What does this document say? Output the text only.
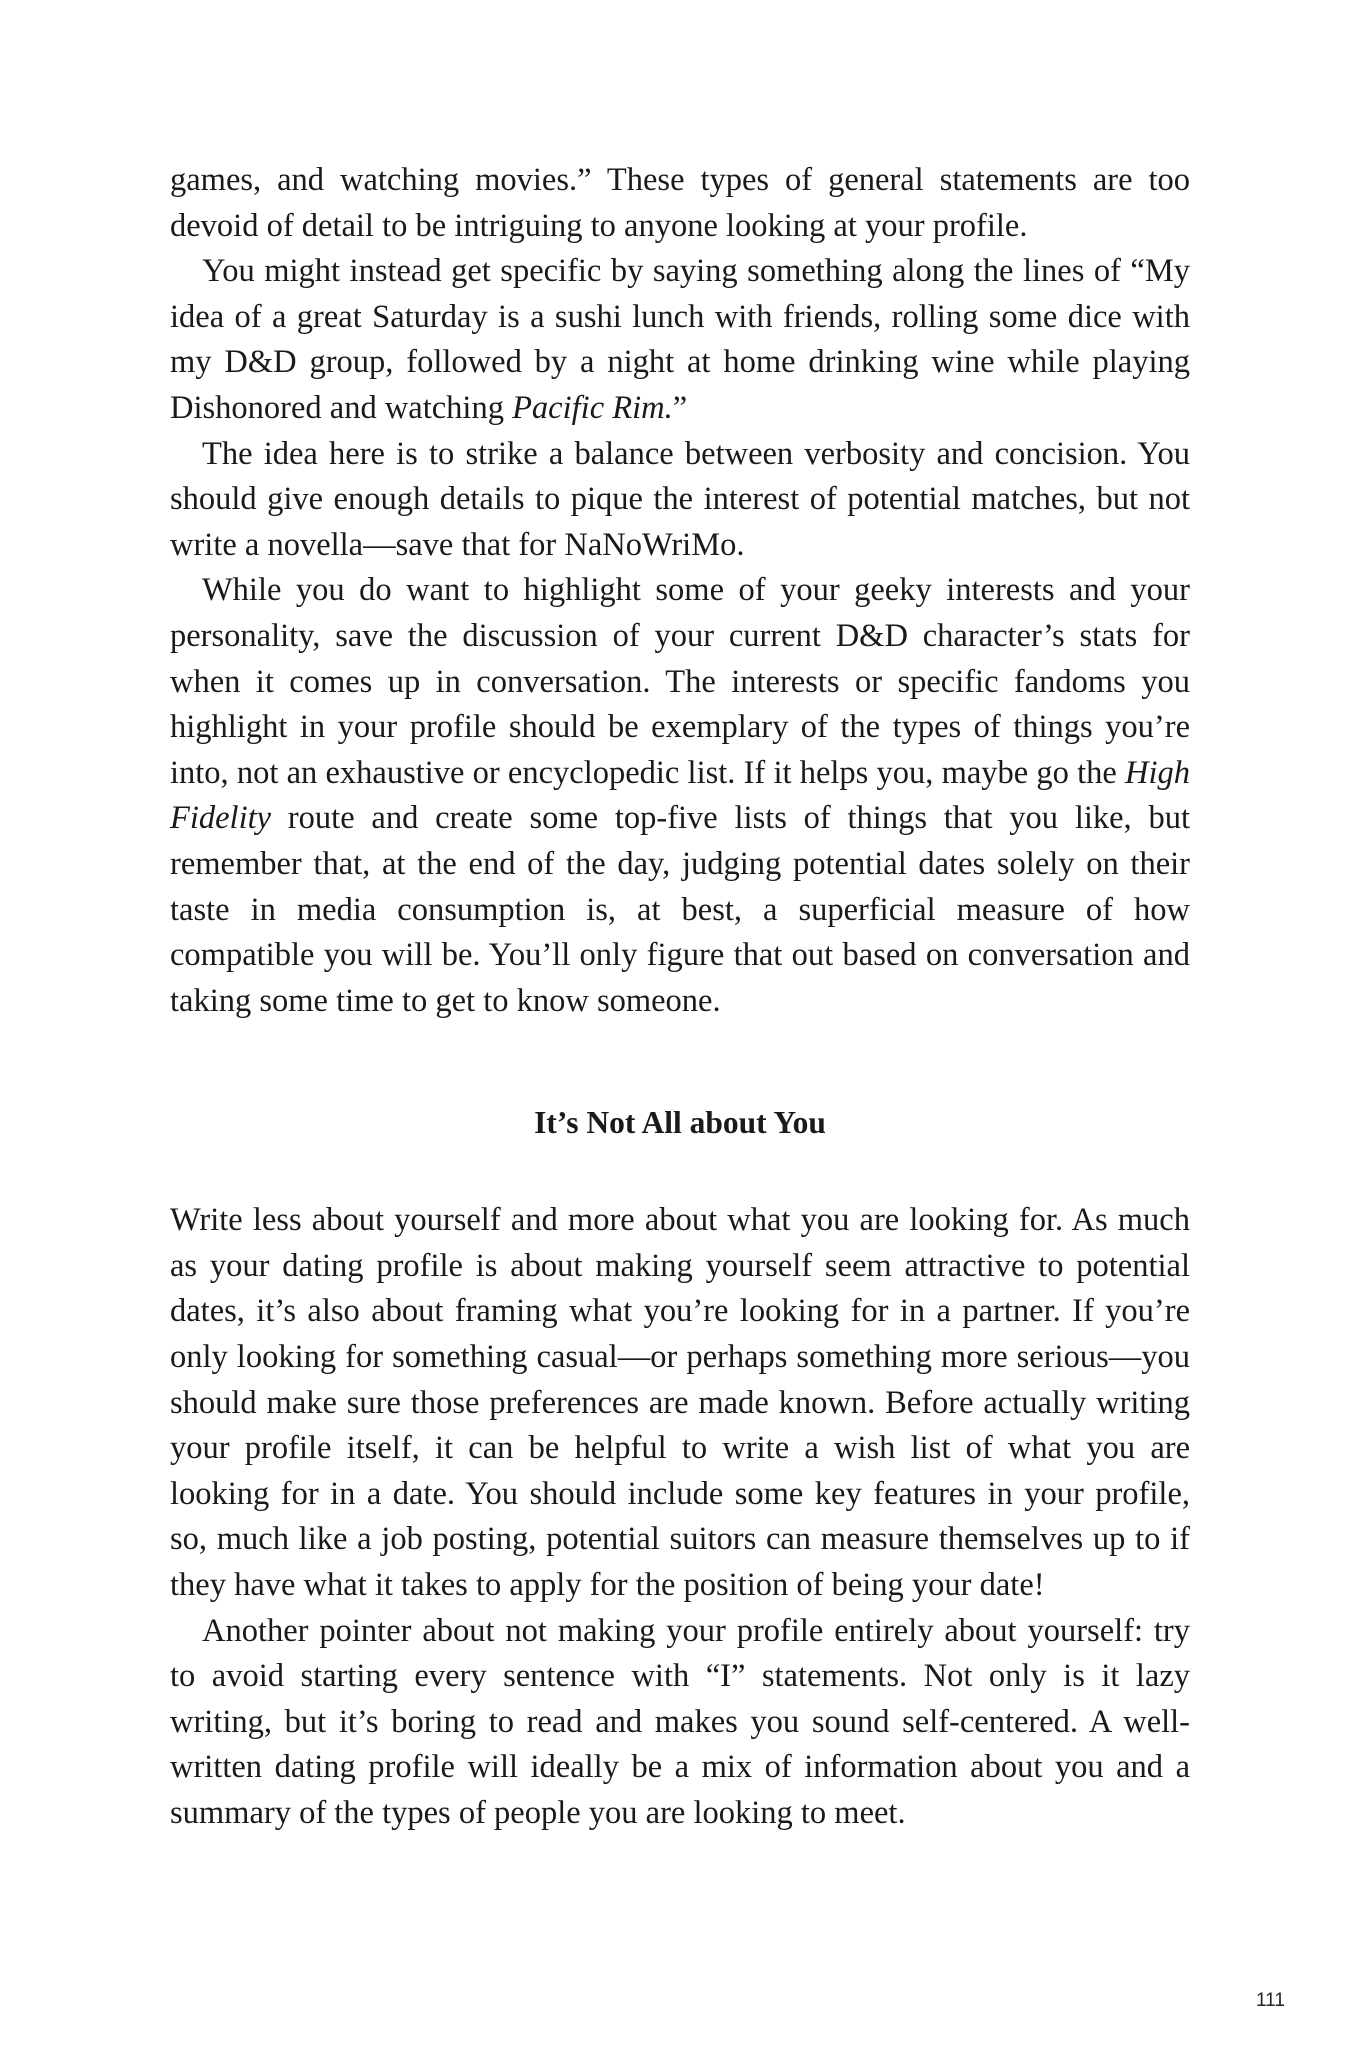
games, and watching movies.” These types of general statements are too devoid of detail to be intriguing to anyone looking at your profile.

You might instead get specific by saying something along the lines of “My idea of a great Saturday is a sushi lunch with friends, rolling some dice with my D&D group, followed by a night at home drinking wine while playing Dishonored and watching Pacific Rim.”

The idea here is to strike a balance between verbosity and concision. You should give enough details to pique the interest of potential matches, but not write a novella—save that for NaNoWriMo.

While you do want to highlight some of your geeky interests and your personality, save the discussion of your current D&D character’s stats for when it comes up in conversation. The interests or specific fandoms you highlight in your profile should be exemplary of the types of things you’re into, not an exhaustive or encyclopedic list. If it helps you, maybe go the High Fidelity route and create some top-five lists of things that you like, but remember that, at the end of the day, judging potential dates solely on their taste in media consumption is, at best, a superficial measure of how compatible you will be. You’ll only figure that out based on conversation and taking some time to get to know someone.

It’s Not All about You

Write less about yourself and more about what you are looking for. As much as your dating profile is about making yourself seem attractive to potential dates, it’s also about framing what you’re looking for in a partner. If you’re only looking for something casual—or perhaps something more serious—you should make sure those preferences are made known. Before actually writing your profile itself, it can be helpful to write a wish list of what you are looking for in a date. You should include some key features in your profile, so, much like a job posting, potential suitors can measure themselves up to if they have what it takes to apply for the position of being your date!

Another pointer about not making your profile entirely about yourself: try to avoid starting every sentence with “I” statements. Not only is it lazy writing, but it’s boring to read and makes you sound self-centered. A well-written dating profile will ideally be a mix of information about you and a summary of the types of people you are looking to meet.

111
